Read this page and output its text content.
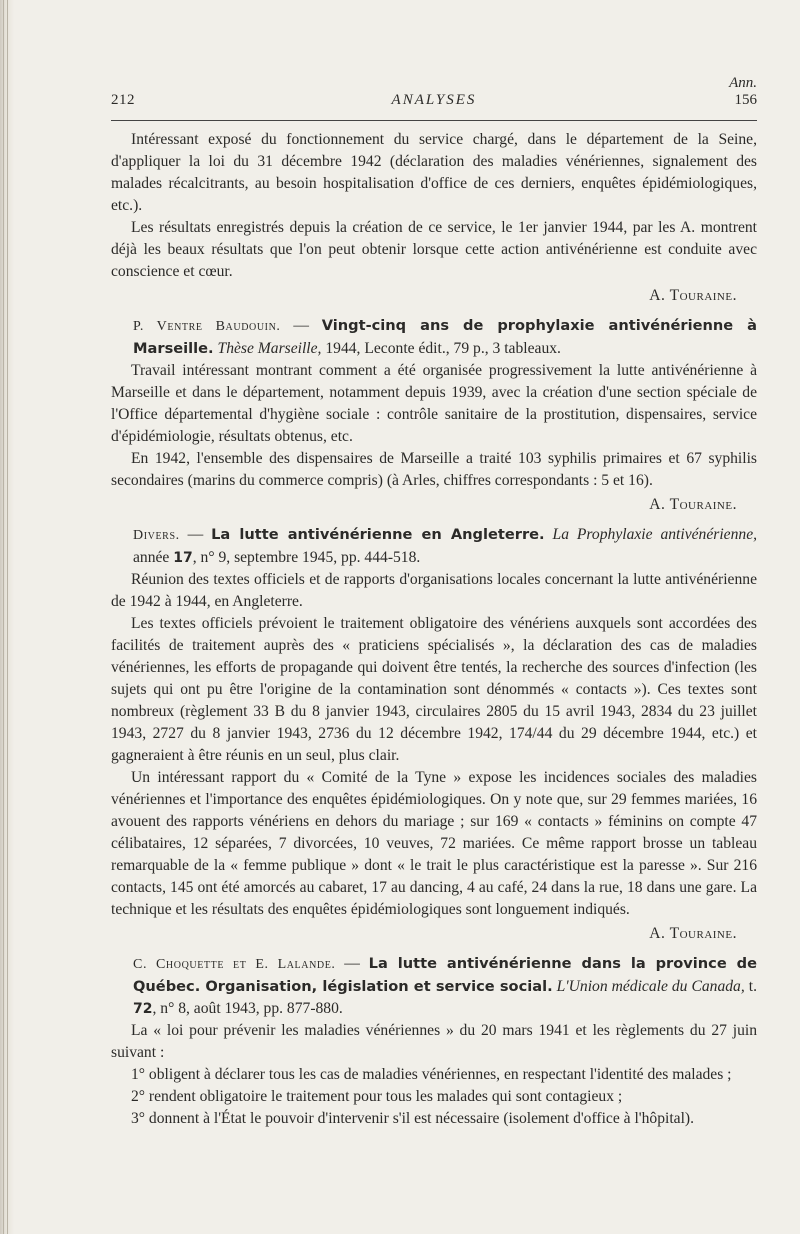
Ann.
212	ANALYSES	156

Intéressant exposé du fonctionnement du service chargé, dans le département de la Seine, d'appliquer la loi du 31 décembre 1942 (déclaration des maladies vénériennes, signalement des malades récalcitrants, au besoin hospitalisation d'office de ces derniers, enquêtes épidémiologiques, etc.).

Les résultats enregistrés depuis la création de ce service, le 1er janvier 1944, par les A. montrent déjà les beaux résultats que l'on peut obtenir lorsque cette action antivénérienne est conduite avec conscience et cœur.

A. Touraine.

P. Ventre Baudouin. — Vingt-cinq ans de prophylaxie antivénérienne à Marseille. Thèse Marseille, 1944, Leconte édit., 79 p., 3 tableaux.

Travail intéressant montrant comment a été organisée progressivement la lutte antivénérienne à Marseille et dans le département, notamment depuis 1939, avec la création d'une section spéciale de l'Office départemental d'hygiène sociale : contrôle sanitaire de la prostitution, dispensaires, service d'épidémiologie, résultats obtenus, etc.

En 1942, l'ensemble des dispensaires de Marseille a traité 103 syphilis primaires et 67 syphilis secondaires (marins du commerce compris) (à Arles, chiffres correspondants : 5 et 16).

A. Touraine.

Divers. — La lutte antivénérienne en Angleterre. La Prophylaxie antivénérienne, année 17, n° 9, septembre 1945, pp. 444-518.

Réunion des textes officiels et de rapports d'organisations locales concernant la lutte antivénérienne de 1942 à 1944, en Angleterre.

Les textes officiels prévoient le traitement obligatoire des vénériens auxquels sont accordées des facilités de traitement auprès des « praticiens spécialisés », la déclaration des cas de maladies vénériennes, les efforts de propagande qui doivent être tentés, la recherche des sources d'infection (les sujets qui ont pu être l'origine de la contamination sont dénommés « contacts »). Ces textes sont nombreux (règlement 33 B du 8 janvier 1943, circulaires 2805 du 15 avril 1943, 2834 du 23 juillet 1943, 2727 du 8 janvier 1943, 2736 du 12 décembre 1942, 174/44 du 29 décembre 1944, etc.) et gagneraient à être réunis en un seul, plus clair.

Un intéressant rapport du « Comité de la Tyne » expose les incidences sociales des maladies vénériennes et l'importance des enquêtes épidémiologiques. On y note que, sur 29 femmes mariées, 16 avouent des rapports vénériens en dehors du mariage ; sur 169 « contacts » féminins on compte 47 célibataires, 12 séparées, 7 divorcées, 10 veuves, 72 mariées. Ce même rapport brosse un tableau remarquable de la « femme publique » dont « le trait le plus caractéristique est la paresse ». Sur 216 contacts, 145 ont été amorcés au cabaret, 17 au dancing, 4 au café, 24 dans la rue, 18 dans une gare. La technique et les résultats des enquêtes épidémiologiques sont longuement indiqués.

A. Touraine.

C. Choquette et E. Lalande. — La lutte antivénérienne dans la province de Québec. Organisation, législation et service social. L'Union médicale du Canada, t. 72, n° 8, août 1943, pp. 877-880.

La « loi pour prévenir les maladies vénériennes » du 20 mars 1941 et les règlements du 27 juin suivant :

1° obligent à déclarer tous les cas de maladies vénériennes, en respectant l'identité des malades ;

2° rendent obligatoire le traitement pour tous les malades qui sont contagieux ;

3° donnent à l'État le pouvoir d'intervenir s'il est nécessaire (isolement d'office à l'hôpital).
